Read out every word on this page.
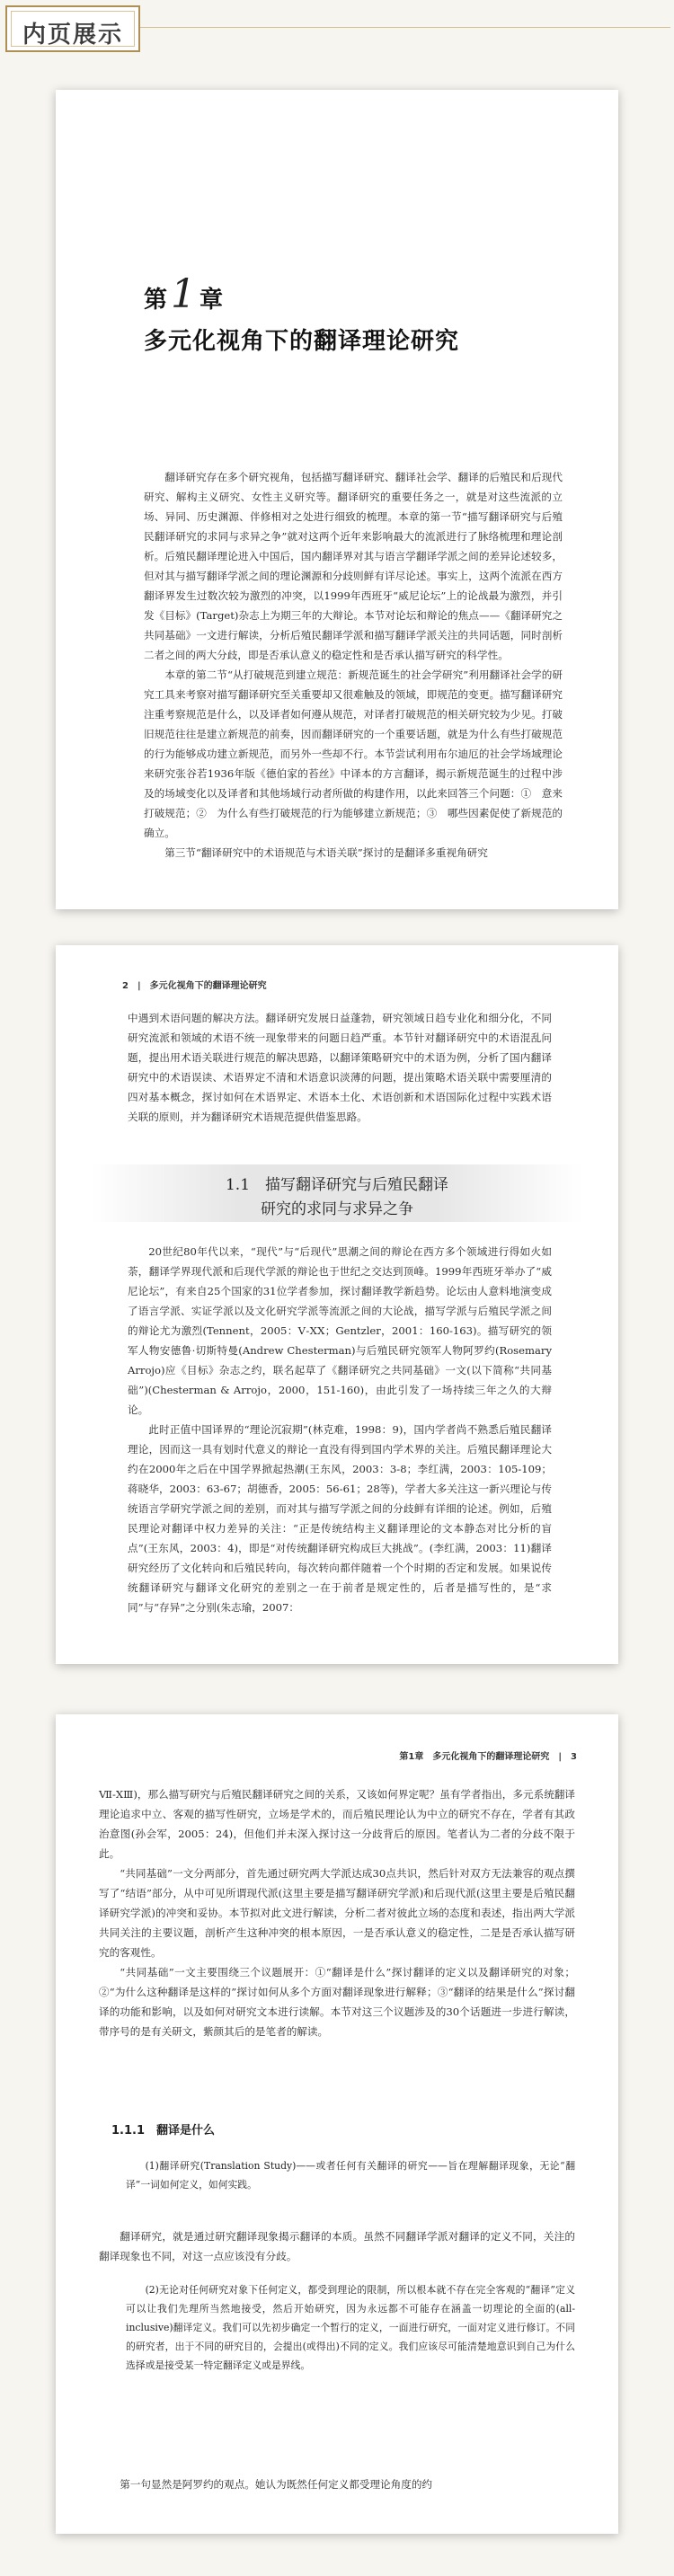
内页展示
第1 章
多元化视角下的翻译理论研究

翻译研究存在多个研究视角，包括描写翻译研究、翻译社会学、翻译的后殖民和后现代研究、解构主义研究、女性主义研究等。翻译研究的重要任务之一，就是对这些流派的立场、异同、历史渊源、伴修相对之处进行细致的梳理。本章的第一节“描写翻译研究与后殖民翻译研究的求同与求异之争”就对这两个近年来影响最大的流派进行了脉络梳理和理论剖析。后殖民翻译理论进入中国后，国内翻译界对其与语言学翻译学派之间的差异论述较多，但对其与描写翻译学派之间的理论渊源和分歧则鲜有详尽论述。事实上，这两个流派在西方翻译界发生过数次较为激烈的冲突，以1999年西班牙“威尼论坛”上的论战最为激烈，并引发《目标》(Target)杂志上为期三年的大辩论。本节对论坛和辩论的焦点——《翻译研究之共同基础》一文进行解读，分析后殖民翻译学派和描写翻译学派关注的共同话题，同时剖析二者之间的两大分歧，即是否承认意义的稳定性和是否承认描写研究的科学性。

本章的第二节“从打破规范到建立规范：新规范诞生的社会学研究”利用翻译社会学的研究工具来考察对描写翻译研究至关重要却又很难触及的领域，即规范的变更。描写翻译研究注重考察规范是什么，以及译者如何遵从规范，对译者打破规范的相关研究较为少见。打破旧规范往往是建立新规范的前奏，因而翻译研究的一个重要话题，就是为什么有些打破规范的行为能够成功建立新规范，而另外一些却不行。本节尝试利用布尔迪厄的社会学场域理论来研究张谷若1936年版《德伯家的苔丝》中译本的方言翻译，揭示新规范诞生的过程中涉及的场域变化以及译者和其他场域行动者所做的构建作用，以此来回答三个问题：①　意来打破规范；②　为什么有些打破规范的行为能够建立新规范；③　哪些因素促使了新规范的确立。

第三节“翻译研究中的术语规范与术语关联”探讨的是翻译多重视角研究

2　|　多元化视角下的翻译理论研究

中遇到术语问题的解决方法。翻译研究发展日益蓬勃，研究领域日趋专业化和细分化，不同研究流派和领域的术语不统一现象带来的问题日趋严重。本节针对翻译研究中的术语混乱问题，提出用术语关联进行规范的解决思路，以翻译策略研究中的术语为例，分析了国内翻译研究中的术语误读、术语界定不清和术语意识淡薄的问题，提出策略术语关联中需要厘清的四对基本概念，探讨如何在术语界定、术语本土化、术语创新和术语国际化过程中实践术语关联的原则，并为翻译研究术语规范提供借鉴思路。

1.1　 描写翻译研究与后殖民翻译
研究的求同与求异之争

20世纪80年代以来，“现代”与“后现代”思潮之间的辩论在西方多个领域进行得如火如荼，翻译学界现代派和后现代学派的辩论也于世纪之交达到顶峰。1999年西班牙举办了“威尼论坛”，有来自25个国家的31位学者参加，探讨翻译教学新趋势。论坛由人意料地演变成了语言学派、实证学派以及文化研究学派等流派之间的大论战，描写学派与后殖民学派之间的辩论尤为激烈(Tennent，2005：Ⅴ-ⅩⅩ；Gentzler，2001：160-163)。描写研究的领军人物安德鲁·切斯特曼(Andrew Chesterman)与后殖民研究领军人物阿罗约(Rosemary Arrojo)应《目标》杂志之约，联名起草了《翻译研究之共同基础》一文(以下简称“共同基础”)(Chesterman & Arrojo，2000，151-160)，由此引发了一场持续三年之久的大辩论。

此时正值中国译界的“理论沉寂期”(林克难，1998：9)，国内学者尚不熟悉后殖民翻译理论，因而这一具有划时代意义的辩论一直没有得到国内学术界的关注。后殖民翻译理论大约在2000年之后在中国学界掀起热潮(王东风，2003：3-8；李红满，2003：105-109；蒋晓华，2003：63-67；胡德香，2005：56-61；28等)，学者大多关注这一新兴理论与传统语言学研究学派之间的差别，而对其与描写学派之间的分歧鲜有详细的论述。例如，后殖民理论对翻译中权力差异的关注：“正是传统结构主义翻译理论的文本静态对比分析的盲点”(王东风，2003：4)，即是“对传统翻译研究构成巨大挑战”。(李红满，2003：11)翻译研究经历了文化转向和后殖民转向，每次转向都伴随着一个个时期的否定和发展。如果说传统翻译研究与翻译文化研究的差别之一在于前者是规定性的，后者是描写性的，是“求同”与“存异”之分别(朱志瑜，2007：

第1章　多元化视角下的翻译理论研究　|　3

Ⅶ-ⅩⅢ)，那么描写研究与后殖民翻译研究之间的关系，又该如何界定呢？虽有学者指出，多元系统翻译理论追求中立、客观的描写性研究，立场是学术的，而后殖民理论认为中立的研究不存在，学者有其政治意图(孙会军，2005：24)，但他们并未深入探讨这一分歧背后的原因。笔者认为二者的分歧不限于此。

“共同基础”一文分两部分，首先通过研究两大学派达成30点共识，然后针对双方无法兼容的观点撰写了“结语”部分，从中可见所谓现代派(这里主要是描写翻译研究学派)和后现代派(这里主要是后殖民翻译研究学派)的冲突和妥协。本节拟对此文进行解读，分析二者对彼此立场的态度和表述，指出两大学派共同关注的主要议题，剖析产生这种冲突的根本原因，一是否承认意义的稳定性，二是是否承认描写研究的客观性。

“共同基础”一文主要围绕三个议题展开：①“翻译是什么”探讨翻译的定义以及翻译研究的对象；②“为什么这种翻译是这样的”探讨如何从多个方面对翻译现象进行解释；③“翻译的结果是什么”探讨翻译的功能和影响，以及如何对研究文本进行读解。本节对这三个议题涉及的30个话题进一步进行解读，带序号的是有关研文，紫颜其后的是笔者的解读。

1.1.1　 翻译是什么

(1)翻译研究(Translation Study)——或者任何有关翻译的研究——旨在理解翻译现象，无论“翻译”一词如何定义，如何实践。

翻译研究，就是通过研究翻译现象揭示翻译的本质。虽然不同翻译学派对翻译的定义不同，关注的翻译现象也不同，对这一点应该没有分歧。

(2)无论对任何研究对象下任何定义，都受到理论的限制，所以根本就不存在完全客观的“翻译”定义可以让我们先理所当然地接受，然后开始研究，因为永远都不可能存在涵盖一切理论的全面的(all-inclusive)翻译定义。我们可以先初步确定一个暂行的定义，一面进行研究，一面对定义进行修订。不同的研究者，出于不同的研究目的，会提出(或得出)不同的定义。我们应该尽可能清楚地意识到自己为什么选择或是接受某一特定翻译定义或是界线。

第一句显然是阿罗约的观点。她认为既然任何定义都受理论角度的约
